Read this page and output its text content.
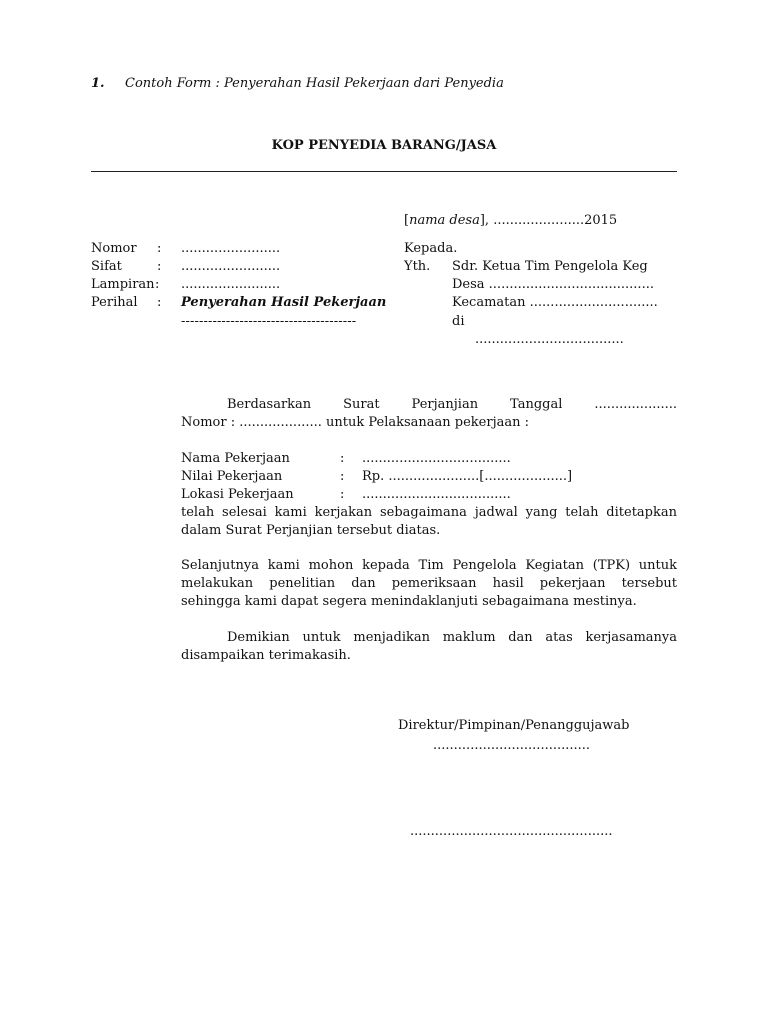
1. Contoh Form : Penyerahan Hasil Pekerjaan dari Penyedia
KOP PENYEDIA BARANG/JASA
[nama desa], ......................2015
Nomor : ........................
Sifat	: ........................
Lampiran : ........................
Perihal : Penyerahan Hasil Pekerjaan
---------------------------------------
Kepada.
Yth. Sdr. Ketua Tim Pengelola Keg
Desa ........................................
Kecamatan ...............................
di
....................................
Berdasarkan Surat Perjanjian Tanggal ....................
Nomor : .................... untuk Pelaksanaan pekerjaan :
Nama Pekerjaan	: ....................................
Nilai Pekerjaan	: Rp. ......................[....................]
Lokasi Pekerjaan	: ....................................
telah selesai kami kerjakan sebagaimana jadwal yang telah ditetapkan
dalam Surat Perjanjian tersebut diatas.
Selanjutnya kami mohon kepada Tim Pengelola Kegiatan (TPK) untuk
melakukan penelitian dan pemeriksaan hasil pekerjaan tersebut
sehingga kami dapat segera menindaklanjuti sebagaimana mestinya.
Demikian untuk menjadikan maklum dan atas kerjasamanya
disampaikan terimakasih.
Direktur/Pimpinan/Penanggujawab
......................................
.................................................
